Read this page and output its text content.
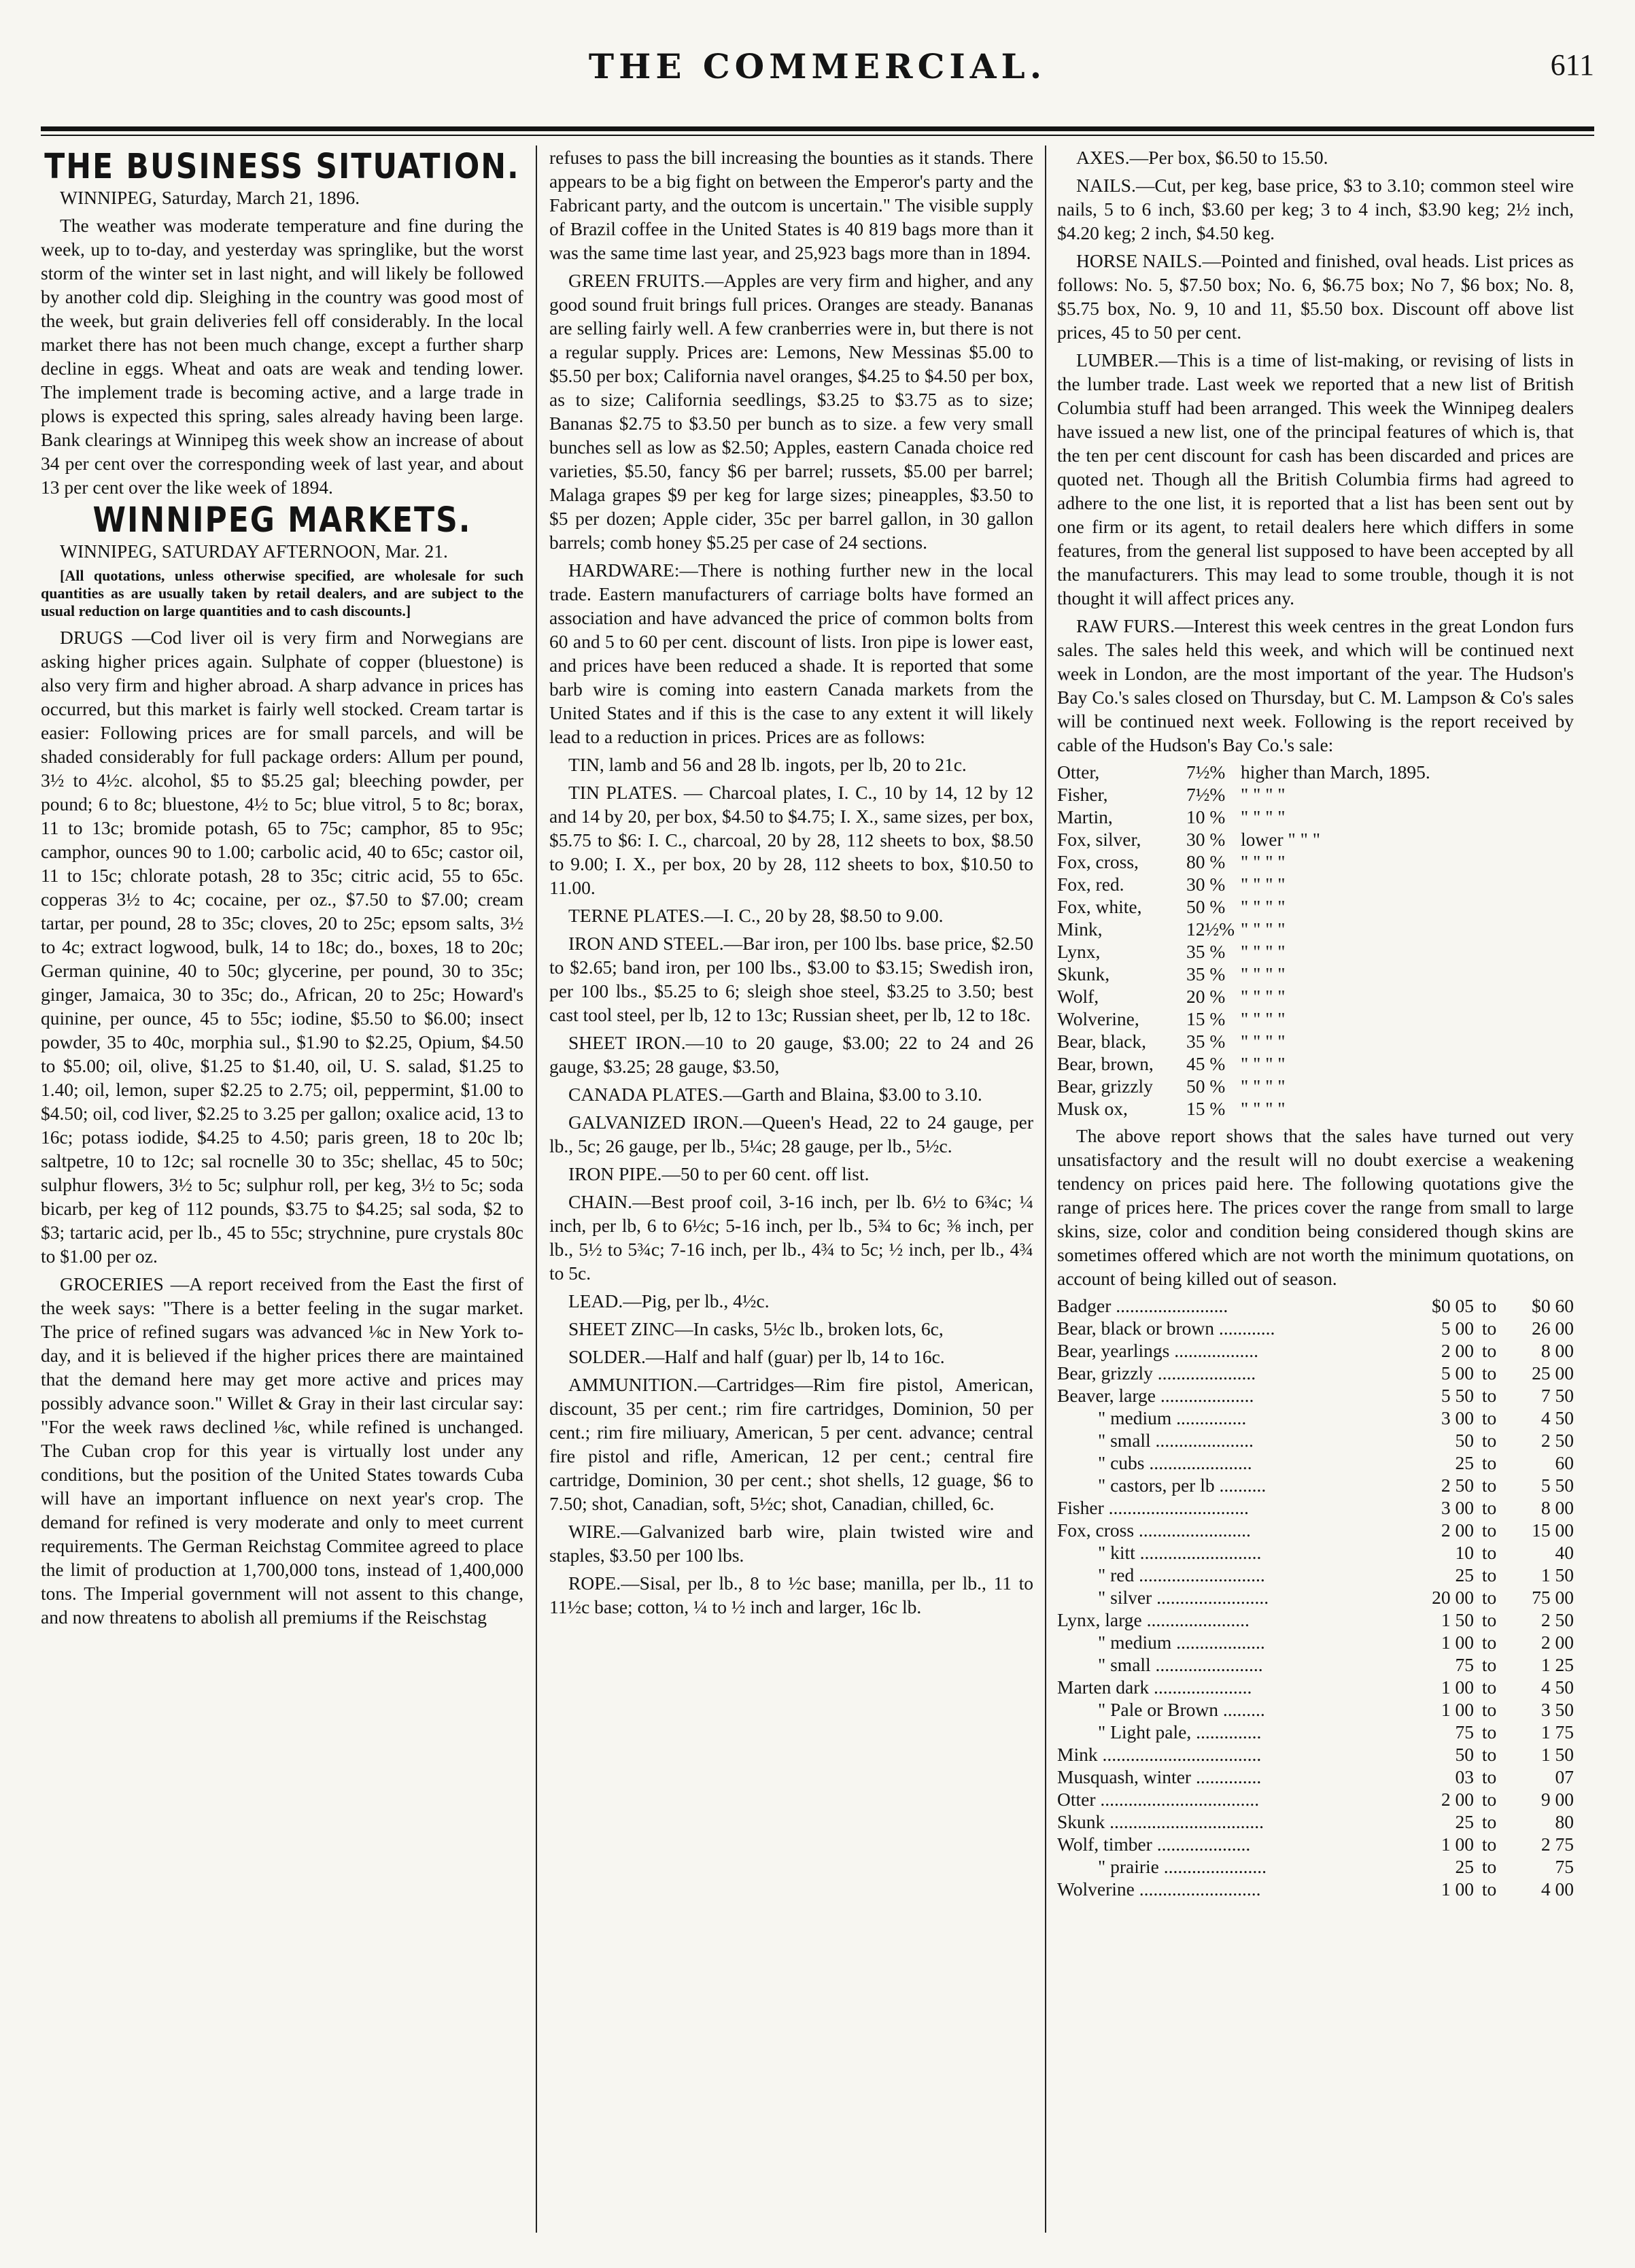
THE COMMERCIAL.	611
THE BUSINESS SITUATION.

WINNIPEG, Saturday, March 21, 1896.

The weather was moderate temperature and fine during the week, up to to-day, and yesterday was springlike, but the worst storm of the winter set in last night, and will likely be followed by another cold dip. Sleighing in the country was good most of the week, but grain deliveries fell off considerably. In the local market there has not been much change, except a further sharp decline in eggs. Wheat and oats are weak and tending lower. The implement trade is becoming active, and a large trade in plows is expected this spring, sales already having been large. Bank clearings at Winnipeg this week show an increase of about 34 per cent over the corresponding week of last year, and about 13 per cent over the like week of 1894.

WINNIPEG MARKETS.

WINNIPEG, SATURDAY AFTERNOON, Mar. 21.

[All quotations, unless otherwise specified, are wholesale for such quantities as are usually taken by retail dealers, and are subject to the usual reduction on large quantities and to cash discounts.]

DRUGS —Cod liver oil is very firm and Norwegians are asking higher prices again. Sulphate of copper (bluestone) is also very firm and higher abroad. A sharp advance in prices has occurred, but this market is fairly well stocked. Cream tartar is easier: Following prices are for small parcels, and will be shaded considerably for full package orders: Allum per pound, 3½ to 4½c. alcohol, $5 to $5.25 gal; bleeching powder, per pound; 6 to 8c; bluestone, 4½ to 5c; blue vitrol, 5 to 8c; borax, 11 to 13c; bromide potash, 65 to 75c; camphor, 85 to 95c; camphor, ounces 90 to 1.00; carbolic acid, 40 to 65c; castor oil, 11 to 15c; chlorate potash, 28 to 35c; citric acid, 55 to 65c. copperas 3½ to 4c; cocaine, per oz., $7.50 to $7.00; cream tartar, per pound, 28 to 35c; cloves, 20 to 25c; epsom salts, 3½ to 4c; extract logwood, bulk, 14 to 18c; do., boxes, 18 to 20c; German quinine, 40 to 50c; glycerine, per pound, 30 to 35c; ginger, Jamaica, 30 to 35c; do., African, 20 to 25c; Howard's quinine, per ounce, 45 to 55c; iodine, $5.50 to $6.00; insect powder, 35 to 40c, morphia sul., $1.90 to $2.25, Opium, $4.50 to $5.00; oil, olive, $1.25 to $1.40, oil, U. S. salad, $1.25 to 1.40; oil, lemon, super $2.25 to 2.75; oil, peppermint, $1.00 to $4.50; oil, cod liver, $2.25 to 3.25 per gallon; oxalice acid, 13 to 16c; potass iodide, $4.25 to 4.50; paris green, 18 to 20c lb; saltpetre, 10 to 12c; sal rocnelle 30 to 35c; shellac, 45 to 50c; sulphur flowers, 3½ to 5c; sulphur roll, per keg, 3½ to 5c; soda bicarb, per keg of 112 pounds, $3.75 to $4.25; sal soda, $2 to $3; tartaric acid, per lb., 45 to 55c; strychnine, pure crystals 80c to $1.00 per oz.

GROCERIES —A report received from the East the first of the week says: "There is a better feeling in the sugar market. The price of refined sugars was advanced ⅛c in New York to-day, and it is believed if the higher prices there are maintained that the demand here may get more active and prices may possibly advance soon." Willet & Gray in their last circular say: "For the week raws declined ⅛c, while refined is unchanged. The Cuban crop for this year is virtually lost under any conditions, but the position of the United States towards Cuba will have an important influence on next year's crop. The demand for refined is very moderate and only to meet current requirements. The German Reichstag Commitee agreed to place the limit of production at 1,700,000 tons, instead of 1,400,000 tons. The Imperial government will not assent to this change, and now threatens to abolish all premiums if the Reischstag

refuses to pass the bill increasing the bounties as it stands. There appears to be a big fight on between the Emperor's party and the Fabricant party, and the outcom is uncertain." The visible supply of Brazil coffee in the United States is 40 819 bags more than it was the same time last year, and 25,923 bags more than in 1894.

GREEN FRUITS.—Apples are very firm and higher, and any good sound fruit brings full prices. Oranges are steady. Bananas are selling fairly well. A few cranberries were in, but there is not a regular supply. Prices are: Lemons, New Messinas $5.00 to $5.50 per box; California navel oranges, $4.25 to $4.50 per box, as to size; California seedlings, $3.25 to $3.75 as to size; Bananas $2.75 to $3.50 per bunch as to size. a few very small bunches sell as low as $2.50; Apples, eastern Canada choice red varieties, $5.50, fancy $6 per barrel; russets, $5.00 per barrel; Malaga grapes $9 per keg for large sizes; pineapples, $3.50 to $5 per dozen; Apple cider, 35c per barrel gallon, in 30 gallon barrels; comb honey $5.25 per case of 24 sections.

HARDWARE:—There is nothing further new in the local trade. Eastern manufacturers of carriage bolts have formed an association and have advanced the price of common bolts from 60 and 5 to 60 per cent. discount of lists. Iron pipe is lower east, and prices have been reduced a shade. It is reported that some barb wire is coming into eastern Canada markets from the United States and if this is the case to any extent it will likely lead to a reduction in prices. Prices are as follows:

TIN, lamb and 56 and 28 lb. ingots, per lb, 20 to 21c.

TIN PLATES. — Charcoal plates, I. C., 10 by 14, 12 by 12 and 14 by 20, per box, $4.50 to $4.75; I. X., same sizes, per box, $5.75 to $6: I. C., charcoal, 20 by 28, 112 sheets to box, $8.50 to 9.00; I. X., per box, 20 by 28, 112 sheets to box, $10.50 to 11.00.

TERNE PLATES.—I. C., 20 by 28, $8.50 to 9.00.

IRON AND STEEL.—Bar iron, per 100 lbs. base price, $2.50 to $2.65; band iron, per 100 lbs., $3.00 to $3.15; Swedish iron, per 100 lbs., $5.25 to 6; sleigh shoe steel, $3.25 to 3.50; best cast tool steel, per lb, 12 to 13c; Russian sheet, per lb, 12 to 18c.

SHEET IRON.—10 to 20 gauge, $3.00; 22 to 24 and 26 gauge, $3.25; 28 gauge, $3.50,

CANADA PLATES.—Garth and Blaina, $3.00 to 3.10.

GALVANIZED IRON.—Queen's Head, 22 to 24 gauge, per lb., 5c; 26 gauge, per lb., 5¼c; 28 gauge, per lb., 5½c.

IRON PIPE.—50 to per 60 cent. off list.

CHAIN.—Best proof coil, 3-16 inch, per lb. 6½ to 6¾c; ¼ inch, per lb, 6 to 6½c; 5-16 inch, per lb., 5¾ to 6c; ⅜ inch, per lb., 5½ to 5¾c; 7-16 inch, per lb., 4¾ to 5c; ½ inch, per lb., 4¾ to 5c.

LEAD.—Pig, per lb., 4½c.

SHEET ZINC—In casks, 5½c lb., broken lots, 6c,

SOLDER.—Half and half (guar) per lb, 14 to 16c.

AMMUNITION.—Cartridges—Rim fire pistol, American, discount, 35 per cent.; rim fire cartridges, Dominion, 50 per cent.; rim fire miliuary, American, 5 per cent. advance; central fire pistol and rifle, American, 12 per cent.; central fire cartridge, Dominion, 30 per cent.; shot shells, 12 guage, $6 to 7.50; shot, Canadian, soft, 5½c; shot, Canadian, chilled, 6c.

WIRE.—Galvanized barb wire, plain twisted wire and staples, $3.50 per 100 lbs.

ROPE.—Sisal, per lb., 8 to ½c base; manilla, per lb., 11 to 11½c base; cotton, ¼ to ½ inch and larger, 16c lb.

AXES.—Per box, $6.50 to 15.50.

NAILS.—Cut, per keg, base price, $3 to 3.10; common steel wire nails, 5 to 6 inch, $3.60 per keg; 3 to 4 inch, $3.90 keg; 2½ inch, $4.20 keg; 2 inch, $4.50 keg.

HORSE NAILS.—Pointed and finished, oval heads. List prices as follows: No. 5, $7.50 box; No. 6, $6.75 box; No 7, $6 box; No. 8, $5.75 box, No. 9, 10 and 11, $5.50 box. Discount off above list prices, 45 to 50 per cent.

LUMBER.—This is a time of list-making, or revising of lists in the lumber trade. Last week we reported that a new list of British Columbia stuff had been arranged. This week the Winnipeg dealers have issued a new list, one of the principal features of which is, that the ten per cent discount for cash has been discarded and prices are quoted net. Though all the British Columbia firms had agreed to adhere to the one list, it is reported that a list has been sent out by one firm or its agent, to retail dealers here which differs in some features, from the general list supposed to have been accepted by all the manufacturers. This may lead to some trouble, though it is not thought it will affect prices any.

RAW FURS.—Interest this week centres in the great London furs sales. The sales held this week, and which will be continued next week in London, are the most important of the year. The Hudson's Bay Co.'s sales closed on Thursday, but C. M. Lampson & Co's sales will be continued next week. Following is the report received by cable of the Hudson's Bay Co.'s sale:

Otter,	7½%	higher than March, 1895.
Fisher,	7½%	" " " "
Martin,	10 %	" " " "
Fox, silver,	30 %	lower " " "
Fox, cross,	80 %	" " " "
Fox, red.	30 %	" " " "
Fox, white,	50 %	" " " "
Mink,	12½%	" " " "
Lynx,	35 %	" " " "
Skunk,	35 %	" " " "
Wolf,	20 %	" " " "
Wolverine,	15 %	" " " "
Bear, black,	35 %	" " " "
Bear, brown,	45 %	" " " "
Bear, grizzly	50 %	" " " "
Musk ox,	15 %	" " " "

The above report shows that the sales have turned out very unsatisfactory and the result will no doubt exercise a weakening tendency on prices paid here. The following quotations give the range of prices here. The prices cover the range from small to large skins, size, color and condition being considered though skins are sometimes offered which are not worth the minimum quotations, on account of being killed out of season.

Badger ........................	$0 05	to	$0 60
Bear, black or brown ............	5 00	to	26 00
Bear, yearlings ..................	2 00	to	8 00
Bear, grizzly .....................	5 00	to	25 00
Beaver, large ....................	5 50	to	7 50
" medium ...............	3 00	to	4 50
" small .....................	50	to	2 50
" cubs ......................	25	to	60
" castors, per lb ..........	2 50	to	5 50
Fisher ..............................	3 00	to	8 00
Fox, cross ........................	2 00	to	15 00
" kitt ..........................	10	to	40
" red ...........................	25	to	1 50
" silver ........................	20 00	to	75 00
Lynx, large ......................	1 50	to	2 50
" medium ...................	1 00	to	2 00
" small .......................	75	to	1 25
Marten dark .....................	1 00	to	4 50
" Pale or Brown .........	1 00	to	3 50
" Light pale, ..............	75	to	1 75
Mink ..................................	50	to	1 50
Musquash, winter ..............	03	to	07
Otter ..................................	2 00	to	9 00
Skunk .................................	25	to	80
Wolf, timber ....................	1 00	to	2 75
" prairie ......................	25	to	75
Wolverine ..........................	1 00	to	4 00
